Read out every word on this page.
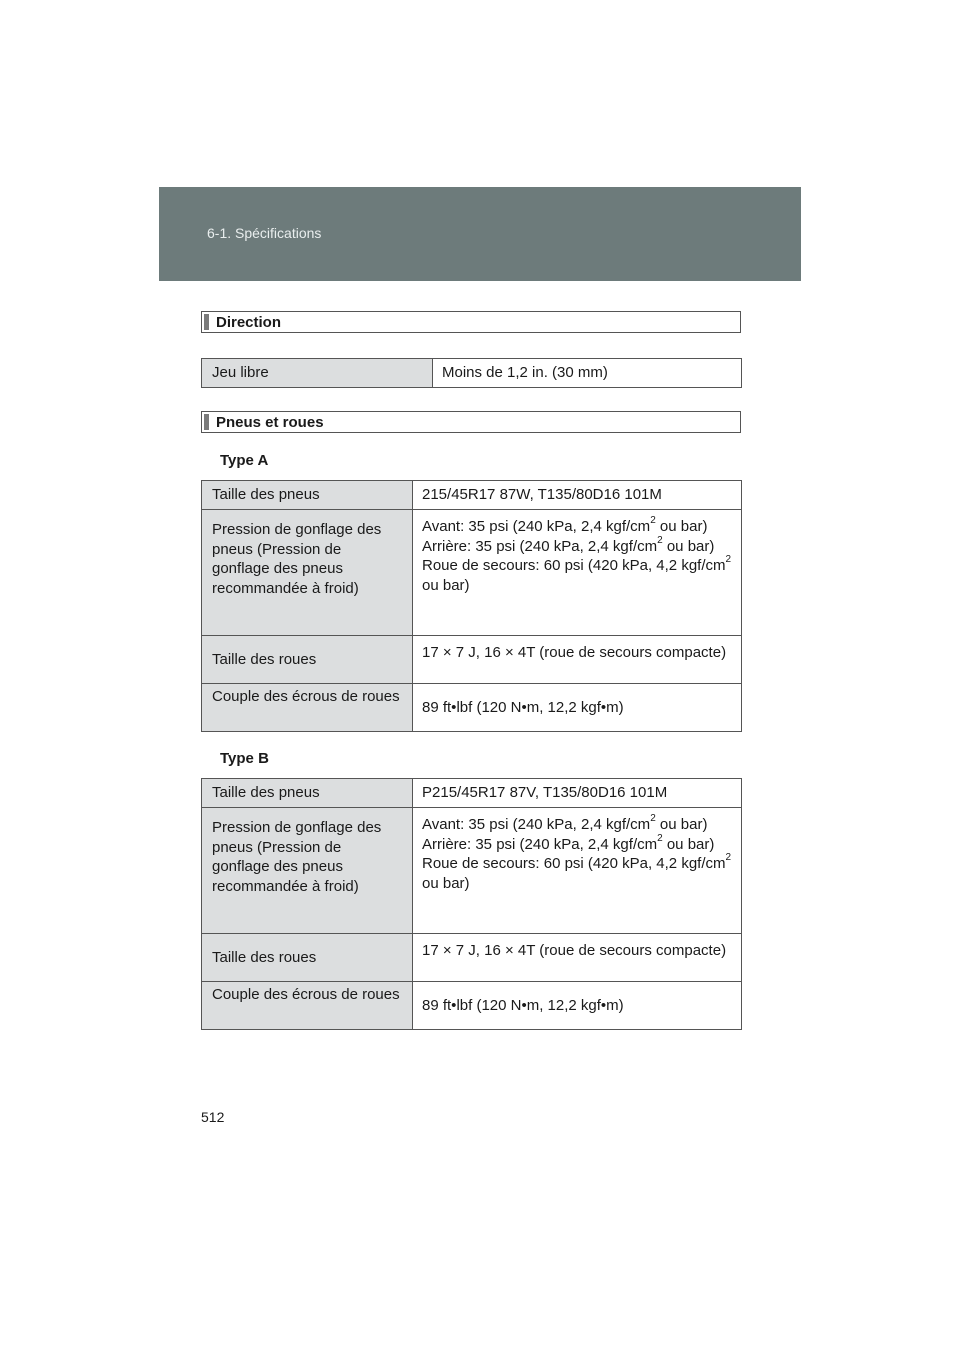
6-1. Spécifications
Direction
Jeu libre	Moins de 1,2 in. (30 mm)
Pneus et roues
Type A
Taille des pneus	215/45R17 87W, T135/80D16 101M
Pression de gonflage des pneus (Pression de gonflage des pneus recommandée à froid)	Avant: 35 psi (240 kPa, 2,4 kgf/$cm^2$ ou bar)
Arrière: 35 psi (240 kPa, 2,4 kgf/$cm^2$ ou bar)
Roue de secours: 60 psi (420 kPa, 4,2 kgf/$cm^2$ ou bar)
Taille des roues	17 × 7 J, 16 × 4T (roue de secours compacte)
Couple des écrous de roues	89 ft•lbf (120 N•m, 12,2 kgf•m)
Type B
Taille des pneus	P215/45R17 87V, T135/80D16 101M
Pression de gonflage des pneus (Pression de gonflage des pneus recommandée à froid)	Avant: 35 psi (240 kPa, 2,4 kgf/$cm^2$ ou bar)
Arrière: 35 psi (240 kPa, 2,4 kgf/$cm^2$ ou bar)
Roue de secours: 60 psi (420 kPa, 4,2 kgf/$cm^2$ ou bar)
Taille des roues	17 × 7 J, 16 × 4T (roue de secours compacte)
Couple des écrous de roues	89 ft•lbf (120 N•m, 12,2 kgf•m)
512
